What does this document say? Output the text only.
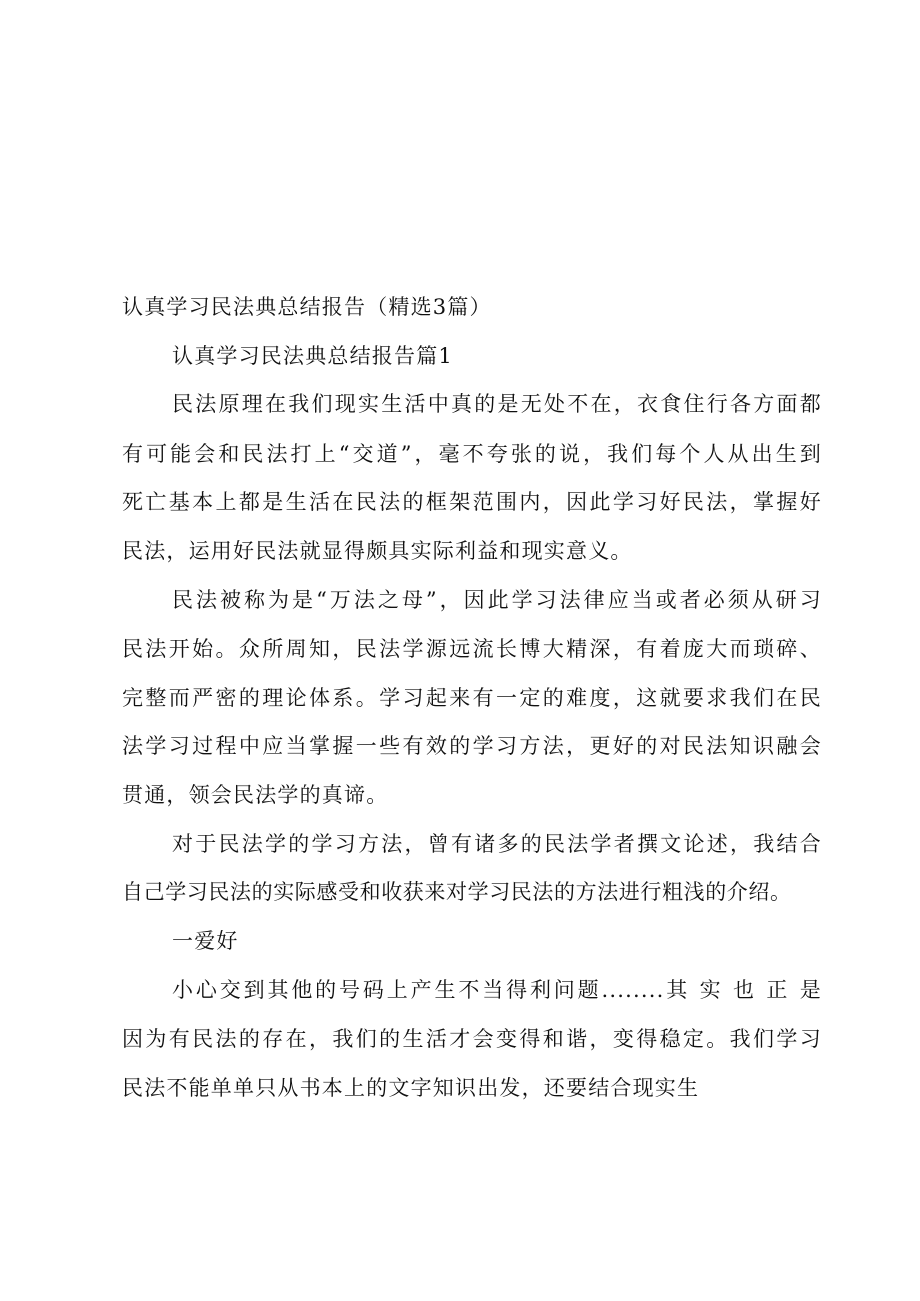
认真学习民法典总结报告（精选3篇）
认真学习民法典总结报告篇1
民法原理在我们现实生活中真的是无处不在，衣食住行各方面都
有可能会和民法打上“交道”，毫不夸张的说，我们每个人从出生到
死亡基本上都是生活在民法的框架范围内，因此学习好民法，掌握好
民法，运用好民法就显得颇具实际利益和现实意义。
民法被称为是“万法之母”，因此学习法律应当或者必须从研习
民法开始。众所周知，民法学源远流长博大精深，有着庞大而琐碎、
完整而严密的理论体系。学习起来有一定的难度，这就要求我们在民
法学习过程中应当掌握一些有效的学习方法，更好的对民法知识融会
贯通，领会民法学的真谛。
对于民法学的学习方法，曾有诸多的民法学者撰文论述，我结合
自己学习民法的实际感受和收获来对学习民法的方法进行粗浅的介绍。
一爱好
小心交到其他的号码上产生不当得利问题........其 实 也 正 是
因为有民法的存在，我们的生活才会变得和谐，变得稳定。我们学习
民法不能单单只从书本上的文字知识出发，还要结合现实生
